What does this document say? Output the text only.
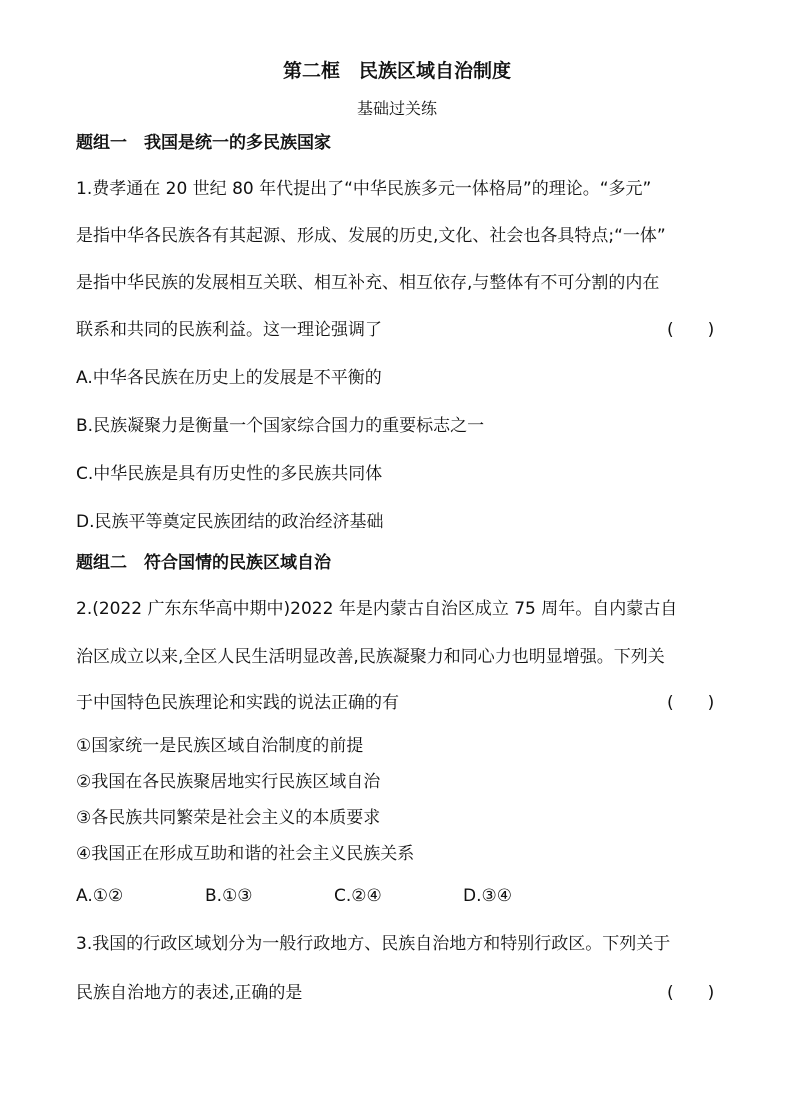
第二框　民族区域自治制度
基础过关练
题组一　我国是统一的多民族国家
1.费孝通在 20 世纪 80 年代提出了“中华民族多元一体格局”的理论。“多元”
是指中华各民族各有其起源、形成、发展的历史,文化、社会也各具特点;“一体”
是指中华民族的发展相互关联、相互补充、相互依存,与整体有不可分割的内在
联系和共同的民族利益。这一理论强调了	(　　)
A.中华各民族在历史上的发展是不平衡的
B.民族凝聚力是衡量一个国家综合国力的重要标志之一
C.中华民族是具有历史性的多民族共同体
D.民族平等奠定民族团结的政治经济基础
题组二　符合国情的民族区域自治
2.(2022 广东东华高中期中)2022 年是内蒙古自治区成立 75 周年。自内蒙古自
治区成立以来,全区人民生活明显改善,民族凝聚力和同心力也明显增强。下列关
于中国特色民族理论和实践的说法正确的有	(　　)
①国家统一是民族区域自治制度的前提
②我国在各民族聚居地实行民族区域自治
③各民族共同繁荣是社会主义的本质要求
④我国正在形成互助和谐的社会主义民族关系
A.①②	B.①③	C.②④	D.③④
3.我国的行政区域划分为一般行政地方、民族自治地方和特别行政区。下列关于
民族自治地方的表述,正确的是	(　　)
